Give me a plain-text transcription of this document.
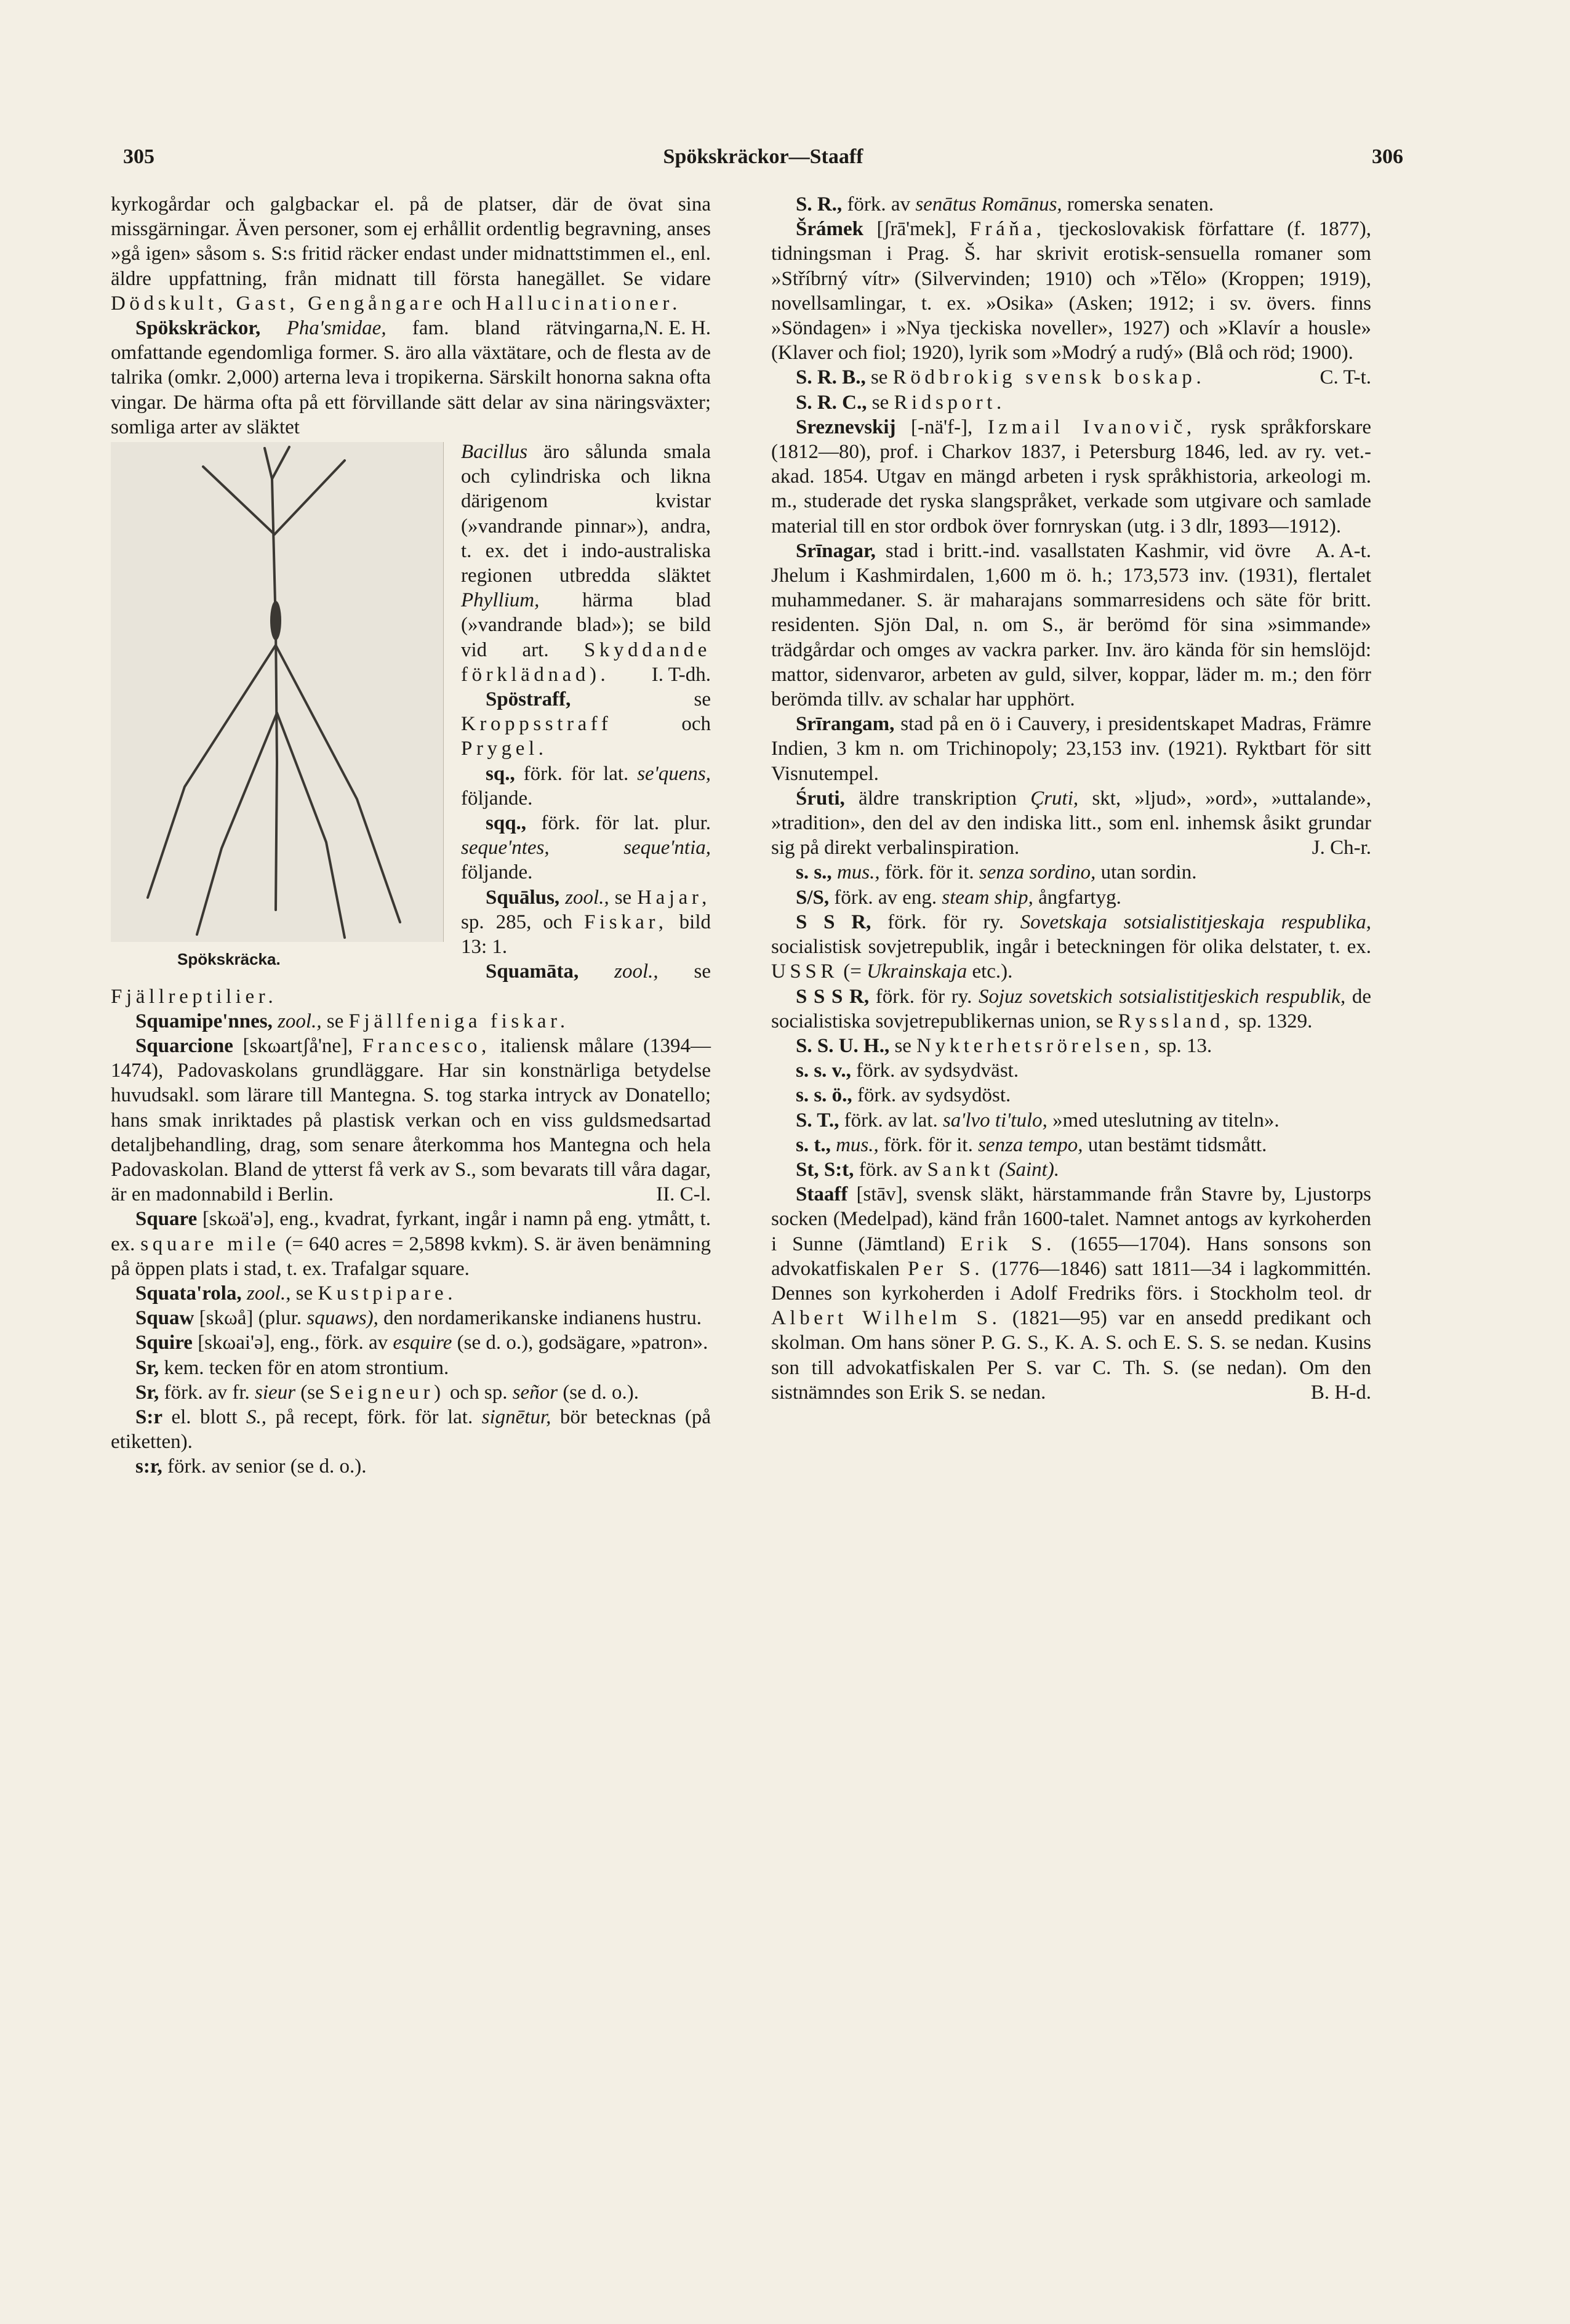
305	Spökskräckor—Staaff	306

kyrkogårdar och galgbackar el. på de platser, där de övat sina missgärningar. Även personer, som ej erhållit ordentlig begravning, anses »gå igen» såsom s. S:s fritid räcker endast under midnattstimmen el., enl. äldre uppfattning, från midnatt till första hanegället. Se vidare Dödskult, Gast, Gengångare och Hallucinationer.
N. E. H.

Spökskräckor, Pha'smidae, fam. bland rätvingarna, omfattande egendomliga former. S. äro alla växtätare, och de flesta av de talrika (omkr. 2,000) arterna leva i tropikerna. Särskilt honorna sakna ofta vingar. De härma ofta på ett förvillande sätt delar av sina näringsväxter; somliga arter av släktet

Spökskräcka.

Bacillus äro sålunda smala och cylindriska och likna därigenom kvistar (»vandrande pinnar»), andra, t. ex. det i indo-australiska regionen utbredda släktet Phyllium, härma blad (»vandrande blad»); se bild vid art. Skyddande förklädnad). I. T-dh.

Spöstraff,	se Kroppsstraff	och Prygel.

sq., förk. för lat. se'quens, följande.

sqq., förk. för lat. plur. seque'ntes, seque'ntia, följande.

Squālus, zool., se Hajar, sp. 285, och Fiskar, bild 13: 1.

Squamāta, zool., se Fjällreptilier.

Squamipe'nnes, zool., se Fjällfeniga fiskar.

Squarcione [skωartʃå'ne], Francesco, italiensk målare (1394—1474), Padovaskolans grundläggare. Har sin konstnärliga betydelse huvudsakl. som lärare till Mantegna. S. tog starka intryck av Donatello; hans smak inriktades på plastisk verkan och en viss guldsmedsartad detaljbehandling, drag, som senare återkomma hos Mantegna och hela Padovaskolan. Bland de ytterst få verk av S., som bevarats till våra dagar, är en madonnabild i Berlin.	II. C-l.

Square [skωä'ə], eng., kvadrat, fyrkant, ingår i namn på eng. ytmått, t. ex. square mile (= 640 acres = 2,5898 kvkm). S. är även benämning på öppen plats i stad, t. ex. Trafalgar square.

Squata'rola, zool., se Kustpipare.

Squaw [skωå] (plur. squaws), den nordamerikanske indianens hustru.

Squire [skωai'ə], eng., förk. av esquire (se d. o.), godsägare, »patron».

Sr, kem. tecken för en atom strontium.

Sr, förk. av fr. sieur (se Seigneur) och sp. señor (se d. o.).

S:r el. blott S., på recept, förk. för lat. signētur, bör betecknas (på etiketten).

s:r, förk. av senior (se d. o.).

S. R., förk. av senātus Romānus, romerska senaten.

Šrámek [ʃrā'mek], Fráňa, tjeckoslovakisk författare (f. 1877), tidningsman i Prag. Š. har skrivit erotisk-sensuella romaner som »Stříbrný vítr» (Silvervinden; 1910) och »Tělo» (Kroppen; 1919), novellsamlingar, t. ex. »Osika» (Asken; 1912; i sv. övers. finns »Söndagen» i »Nya tjeckiska noveller», 1927) och »Klavír a housle» (Klaver och fiol; 1920), lyrik som »Modrý a rudý» (Blå och röd; 1900).
C. T-t.

S. R. B., se Rödbrokig svensk boskap.

S. R. C., se Ridsport.

Sreznevskij [-nä'f-], Izmail Ivanovič, rysk språkforskare (1812—80), prof. i Charkov 1837, i Petersburg 1846, led. av ry. vet.-akad. 1854. Utgav en mängd arbeten i rysk språkhistoria, arkeologi m. m., studerade det ryska slangspråket, verkade som utgivare och samlade material till en stor ordbok över fornryskan (utg. i 3 dlr, 1893—1912).
A. A-t.

Srīnagar, stad i britt.-ind. vasallstaten Kashmir, vid övre Jhelum i Kashmirdalen, 1,600 m ö. h.; 173,573 inv. (1931), flertalet muhammedaner. S. är maharajans sommarresidens och säte för britt. residenten. Sjön Dal, n. om S., är berömd för sina »simmande» trädgårdar och omges av vackra parker. Inv. äro kända för sin hemslöjd: mattor, sidenvaror, arbeten av guld, silver, koppar, läder m. m.; den förr berömda tillv. av schalar har upphört.

Srīrangam, stad på en ö i Cauvery, i presidentskapet Madras, Främre Indien, 3 km n. om Trichinopoly; 23,153 inv. (1921). Ryktbart för sitt Visnutempel.

Śruti, äldre transkription Çruti, skt, »ljud», »ord», »uttalande», »tradition», den del av den indiska litt., som enl. inhemsk åsikt grundar sig på direkt verbalinspiration.	J. Ch-r.

s. s., mus., förk. för it. senza sordino, utan sordin.

S/S, förk. av eng. steam ship, ångfartyg.

S S R, förk. för ry. Sovetskaja sotsialistitjeskaja respublika, socialistisk sovjetrepublik, ingår i beteckningen för olika delstater, t. ex. USSR (= Ukrainskaja etc.).

S S S R, förk. för ry. Sojuz sovetskich sotsialistitjeskich respublik, de socialistiska sovjetrepublikernas union, se Ryssland, sp. 1329.

S. S. U. H., se Nykterhetsrörelsen, sp. 13.

s. s. v., förk. av sydsydväst.

s. s. ö., förk. av sydsydöst.

S. T., förk. av lat. sa'lvo ti'tulo, »med uteslutning av titeln».

s. t., mus., förk. för it. senza tempo, utan bestämt tidsmått.

St, S:t, förk. av Sankt (Saint).

Staaff [stāv], svensk släkt, härstammande från Stavre by, Ljustorps socken (Medelpad), känd från 1600-talet. Namnet antogs av kyrkoherden i Sunne (Jämtland) Erik S. (1655—1704). Hans sonsons son advokatfiskalen Per S. (1776—1846) satt 1811—34 i lagkommittén. Dennes son kyrkoherden i Adolf Fredriks förs. i Stockholm teol. dr Albert Wilhelm S. (1821—95) var en ansedd predikant och skolman. Om hans söner P. G. S., K. A. S. och E. S. S. se nedan. Kusins son till advokatfiskalen Per S. var C. Th. S. (se nedan). Om den sistnämndes son Erik S. se nedan.	B. H-d.
